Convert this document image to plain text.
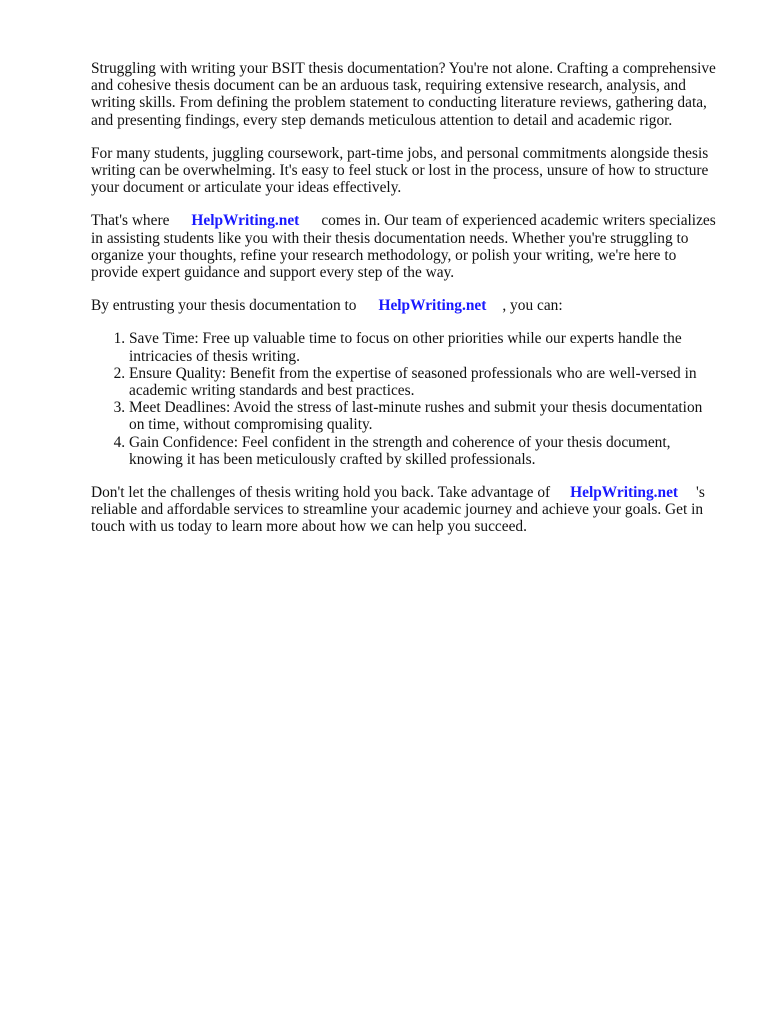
Struggling with writing your BSIT thesis documentation? You're not alone. Crafting a comprehensive and cohesive thesis document can be an arduous task, requiring extensive research, analysis, and writing skills. From defining the problem statement to conducting literature reviews, gathering data, and presenting findings, every step demands meticulous attention to detail and academic rigor.

For many students, juggling coursework, part-time jobs, and personal commitments alongside thesis writing can be overwhelming. It's easy to feel stuck or lost in the process, unsure of how to structure your document or articulate your ideas effectively.

That's where HelpWriting.net comes in. Our team of experienced academic writers specializes in assisting students like you with their thesis documentation needs. Whether you're struggling to organize your thoughts, refine your research methodology, or polish your writing, we're here to provide expert guidance and support every step of the way.

By entrusting your thesis documentation to HelpWriting.net , you can:

1. Save Time: Free up valuable time to focus on other priorities while our experts handle the intricacies of thesis writing.
2. Ensure Quality: Benefit from the expertise of seasoned professionals who are well-versed in academic writing standards and best practices.
3. Meet Deadlines: Avoid the stress of last-minute rushes and submit your thesis documentation on time, without compromising quality.
4. Gain Confidence: Feel confident in the strength and coherence of your thesis document, knowing it has been meticulously crafted by skilled professionals.

Don't let the challenges of thesis writing hold you back. Take advantage of HelpWriting.net 's reliable and affordable services to streamline your academic journey and achieve your goals. Get in touch with us today to learn more about how we can help you succeed.
